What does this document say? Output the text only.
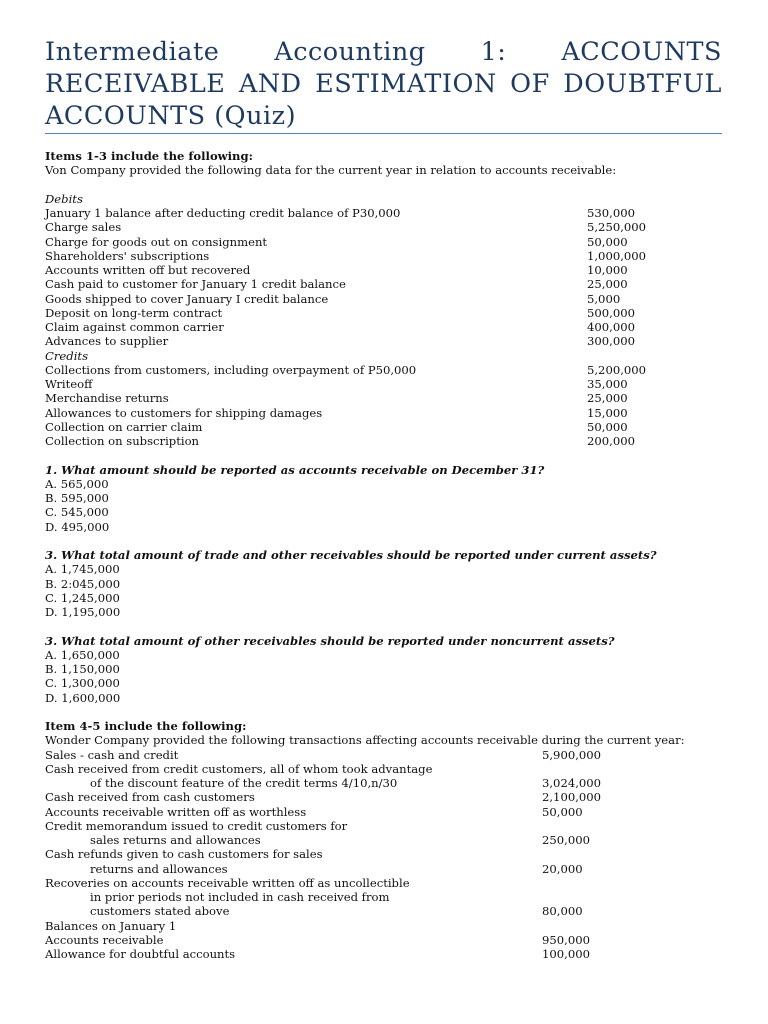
Intermediate Accounting 1: ACCOUNTS RECEIVABLE AND ESTIMATION OF DOUBTFUL ACCOUNTS (Quiz)
Items 1-3 include the following:
Von Company provided the following data for the current year in relation to accounts receivable:
Debits
January 1 balance after deducting credit balance of P30,000	530,000
Charge sales	5,250,000
Charge for goods out on consignment	50,000
Shareholders' subscriptions	1,000,000
Accounts written off but recovered	10,000
Cash paid to customer for January 1 credit balance	25,000
Goods shipped to cover January I credit balance	5,000
Deposit on long-term contract	500,000
Claim against common carrier	400,000
Advances to supplier	300,000
Credits
Collections from customers, including overpayment of P50,000	5,200,000
Writeoff	35,000
Merchandise returns	25,000
Allowances to customers for shipping damages	15,000
Collection on carrier claim	50,000
Collection on subscription	200,000
1. What amount should be reported as accounts receivable on December 31?
A. 565,000
B. 595,000
C. 545,000
D. 495,000
3. What total amount of trade and other receivables should be reported under current assets?
A. 1,745,000
B. 2:045,000
C. 1,245,000
D. 1,195,000
3. What total amount of other receivables should be reported under noncurrent assets?
A. 1,650,000
B. 1,150,000
C. 1,300,000
D. 1,600,000
Item 4-5 include the following:
Wonder Company provided the following transactions affecting accounts receivable during the current year:
Sales - cash and credit	5,900,000
Cash received from credit customers, all of whom took advantage
of the discount feature of the credit terms 4/10,n/30	3,024,000
Cash received from cash customers	2,100,000
Accounts receivable written off as worthless	50,000
Credit memorandum issued to credit customers for
sales returns and allowances	250,000
Cash refunds given to cash customers for sales
returns and allowances	20,000
Recoveries on accounts receivable written off as uncollectible
in prior periods not included in cash received from
customers stated above	80,000
Balances on January 1
Accounts receivable	950,000
Allowance for doubtful accounts	100,000
